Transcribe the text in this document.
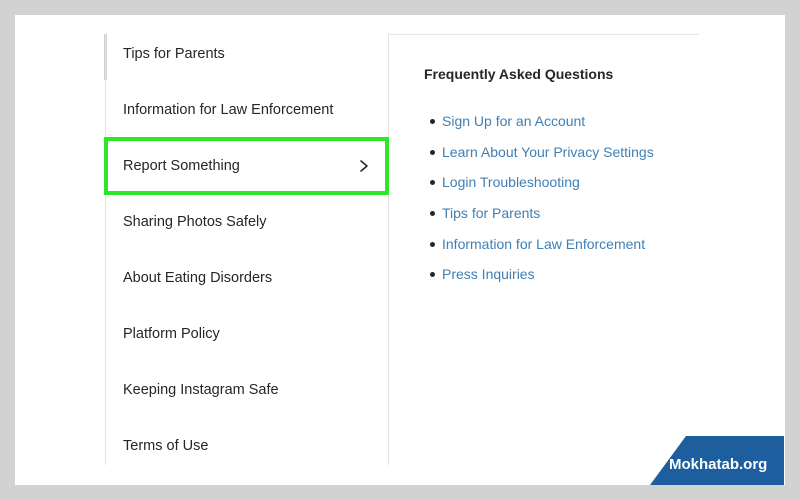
Tips for Parents
Information for Law Enforcement
Report Something
Sharing Photos Safely
About Eating Disorders
Platform Policy
Keeping Instagram Safe
Terms of Use
Frequently Asked Questions
Sign Up for an Account
Learn About Your Privacy Settings
Login Troubleshooting
Tips for Parents
Information for Law Enforcement
Press Inquiries
Mokhatab.org
